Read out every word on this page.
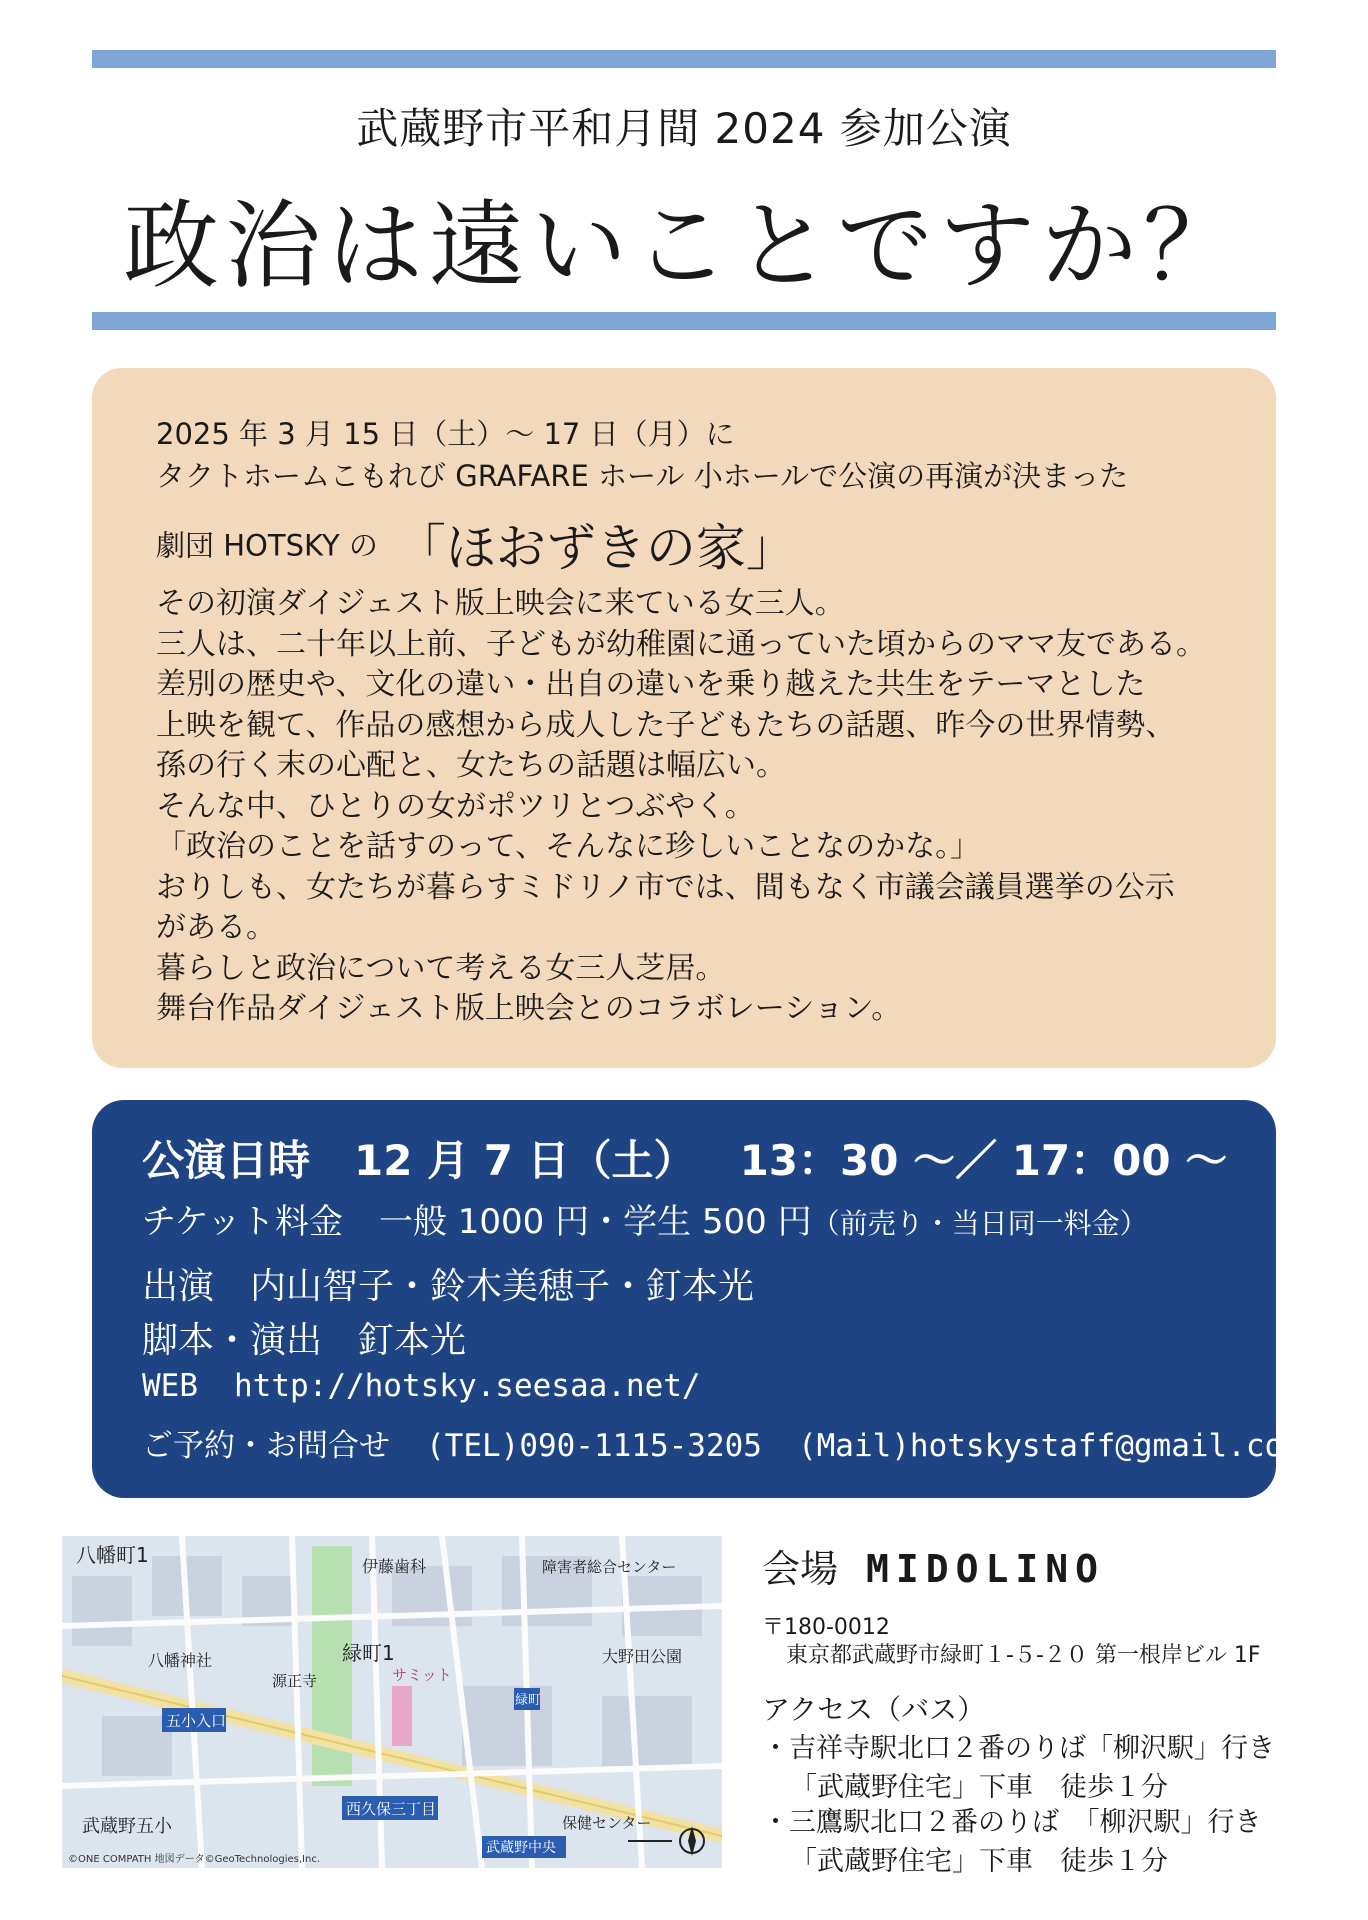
武蔵野市平和月間 2024 参加公演
政治は遠いことですか？
2025 年 3 月 15 日（土）～ 17 日（月）に
タクトホームこもれび GRAFARE ホール 小ホールで公演の再演が決まった
劇団 HOTSKY の 「ほおずきの家」
その初演ダイジェスト版上映会に来ている女三人。
三人は、二十年以上前、子どもが幼稚園に通っていた頃からのママ友である。
差別の歴史や、文化の違い・出自の違いを乗り越えた共生をテーマとした
上映を観て、作品の感想から成人した子どもたちの話題、昨今の世界情勢、
孫の行く末の心配と、女たちの話題は幅広い。
そんな中、ひとりの女がポツリとつぶやく。
「政治のことを話すのって、そんなに珍しいことなのかな。」
おりしも、女たちが暮らすミドリノ市では、間もなく市議会議員選挙の公示
がある。
暮らしと政治について考える女三人芝居。
舞台作品ダイジェスト版上映会とのコラボレーション。
公演日時 12 月 7 日（土） 13：30 ～／ 17：00 ～
チケット料金 一般 1000 円・学生 500 円（前売り・当日同一料金）
出演 内山智子・鈴木美穂子・釘本光
脚本・演出 釘本光
WEB http://hotsky.seesaa.net/
ご予約・お問合せ (TEL)090-1115-3205 (Mail)hotskystaff@gmail.com
八幡町1
八幡神社
五小入口
武蔵野五小
伊藤歯科
源正寺
緑町1
サミット
西久保三丁目
障害者総合センター
緑町
大野田公園
保健センター
武蔵野中央
©ONE COMPATH 地図データ©GeoTechnologies,Inc.
会場 MIDOLINO
〒180-0012
東京都武蔵野市緑町１-５-２０ 第一根岸ビル 1F
アクセス（バス）
・吉祥寺駅北口２番のりば「柳沢駅」行き
「武蔵野住宅」下車　徒歩１分
・三鷹駅北口２番のりば　「柳沢駅」行き
「武蔵野住宅」下車　徒歩１分
